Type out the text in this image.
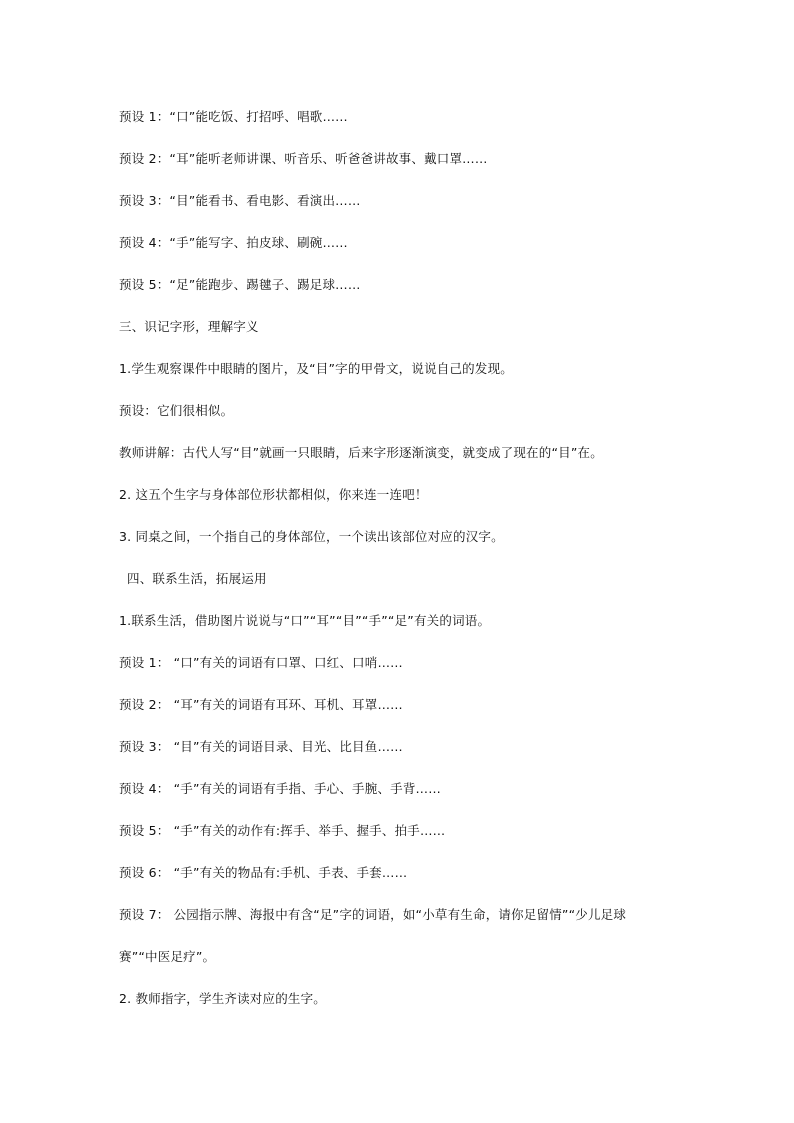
预设 1：“口”能吃饭、打招呼、唱歌……
预设 2：“耳”能听老师讲课、听音乐、听爸爸讲故事、戴口罩……
预设 3：“目”能看书、看电影、看演出……
预设 4：“手”能写字、拍皮球、刷碗……
预设 5：“足”能跑步、踢毽子、踢足球……
三、识记字形，理解字义
1.学生观察课件中眼睛的图片，及“目”字的甲骨文，说说自己的发现。
预设：它们很相似。
教师讲解：古代人写“目”就画一只眼睛，后来字形逐渐演变，就变成了现在的“目”在。
2. 这五个生字与身体部位形状都相似，你来连一连吧！
3. 同桌之间，一个指自己的身体部位，一个读出该部位对应的汉字。
四、联系生活，拓展运用
1.联系生活，借助图片说说与“口”“耳”“目”“手”“足”有关的词语。
预设 1： “口”有关的词语有口罩、口红、口哨……
预设 2： “耳”有关的词语有耳环、耳机、耳罩……
预设 3： “目”有关的词语目录、目光、比目鱼……
预设 4： “手”有关的词语有手指、手心、手腕、手背……
预设 5： “手”有关的动作有:挥手、举手、握手、拍手……
预设 6： “手”有关的物品有:手机、手表、手套……
预设 7： 公园指示牌、海报中有含“足”字的词语，如“小草有生命，请你足留情”“少儿足球
赛”“中医足疗”。
2. 教师指字，学生齐读对应的生字。
